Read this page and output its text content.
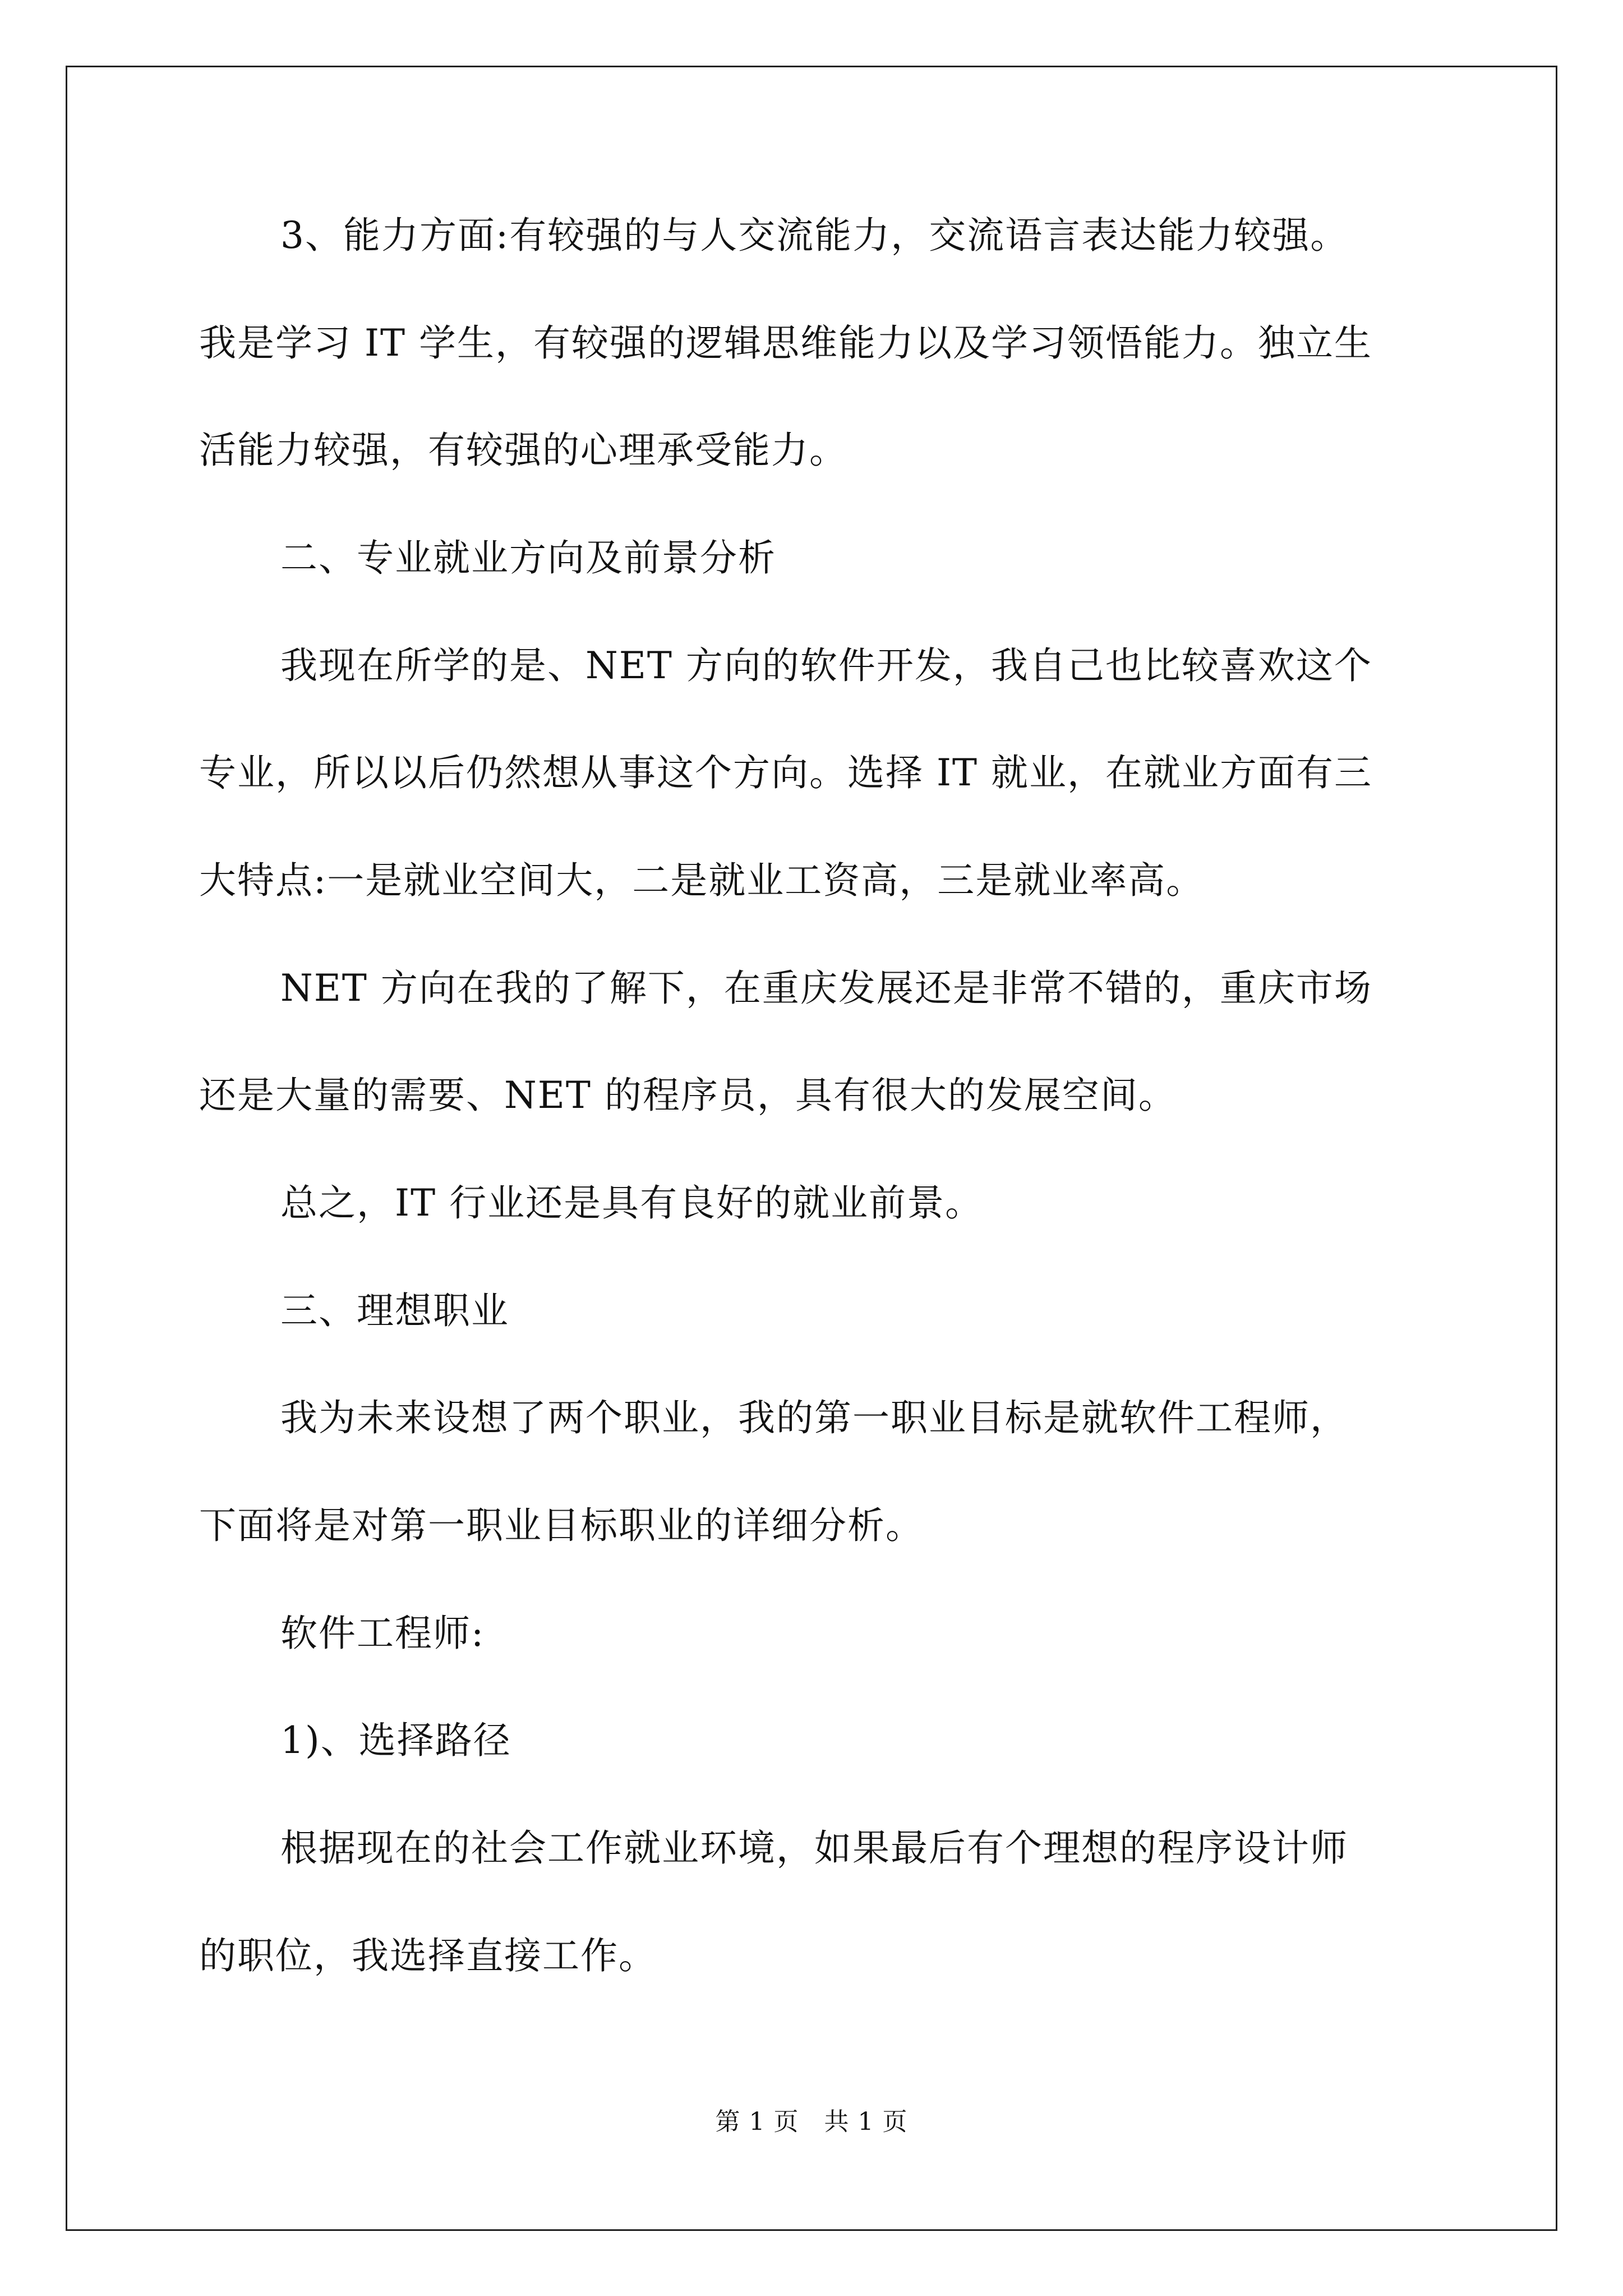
3、能力方面:有较强的与人交流能力，交流语言表达能力较强。
我是学习 IT 学生，有较强的逻辑思维能力以及学习领悟能力。独立生
活能力较强，有较强的心理承受能力。
二、专业就业方向及前景分析
我现在所学的是、NET 方向的软件开发，我自己也比较喜欢这个
专业，所以以后仍然想从事这个方向。选择 IT 就业，在就业方面有三
大特点:一是就业空间大，二是就业工资高，三是就业率高。
NET 方向在我的了解下，在重庆发展还是非常不错的，重庆市场
还是大量的需要、NET 的程序员，具有很大的发展空间。
总之，IT 行业还是具有良好的就业前景。
三、理想职业
我为未来设想了两个职业，我的第一职业目标是就软件工程师，
下面将是对第一职业目标职业的详细分析。
软件工程师:
1)、选择路径
根据现在的社会工作就业环境，如果最后有个理想的程序设计师
的职位，我选择直接工作。
第 1 页　共 1 页
